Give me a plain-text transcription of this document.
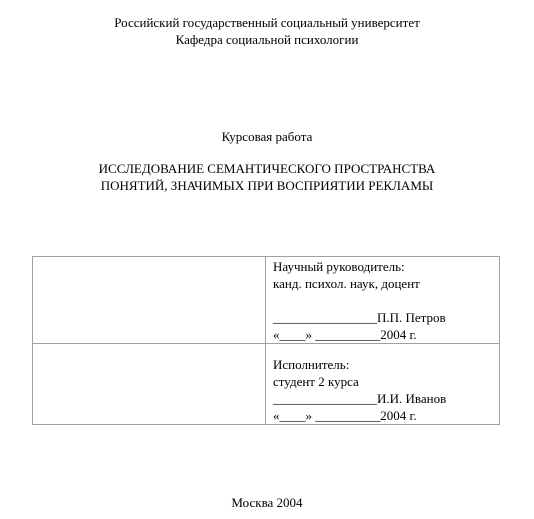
Российский государственный социальный университет
Кафедра социальной психологии
Курсовая работа
ИССЛЕДОВАНИЕ СЕМАНТИЧЕСКОГО ПРОСТРАНСТВА
ПОНЯТИЙ, ЗНАЧИМЫХ ПРИ ВОСПРИЯТИИ РЕКЛАМЫ

	Научный руководитель:
канд. психол. наук, доцент
________________П.П. Петров
«____» __________2004 г.

	Исполнитель:
студент 2 курса
________________И.И. Иванов
«____» __________2004 г.
Москва 2004
